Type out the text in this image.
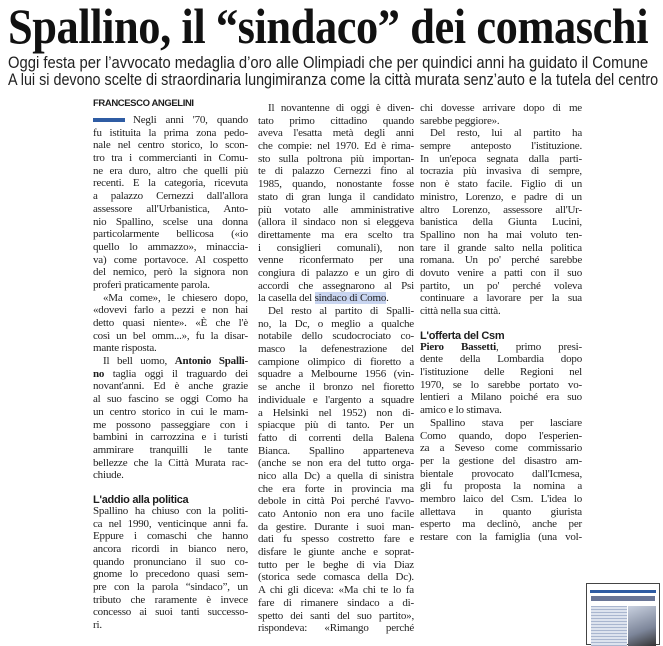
Spallino, il “sindaco” dei comaschi
Oggi festa per l’avvocato medaglia d’oro alle Olimpiadi che per quindici anni ha guidato il Comune
A lui si devono scelte di straordinaria lungimiranza come la città murata senz’auto e la tutela del centro
FRANCESCO ANGELINI
Negli anni '70, quando
fu istituita la prima zona pedo-
nale nel centro storico, lo scon-
tro tra i commercianti in Comu-
ne era duro, altro che quelli più
recenti. E la categoria, ricevuta
a palazzo Cernezzi dall'allora
assessore all'Urbanistica, Anto-
nio Spallino, scelse una donna
particolarmente bellicosa («io
quello lo ammazzo», minaccia-
va) come portavoce. Al cospetto
del nemico, però la signora non
proferì praticamente parola.
«Ma come», le chiesero dopo,
«dovevi farlo a pezzi e non hai
detto quasi niente». «È che l'è
così un bel omm...», fu la disar-
mante risposta.
Il bell uomo, Antonio Spalli-
no taglia oggi il traguardo dei
novant'anni. Ed è anche grazie
al suo fascino se oggi Como ha
un centro storico in cui le mam-
me possono passeggiare con i
bambini in carrozzina e i turisti
ammirare tranquilli le tante
bellezze che la Città Murata rac-
chiude.
L'addio alla politica
Spallino ha chiuso con la politi-
ca nel 1990, venticinque anni fa.
Eppure i comaschi che hanno
ancora ricordi in bianco nero,
quando pronunciano il suo co-
gnome lo precedono quasi sem-
pre con la parola “sindaco”, un
tributo che raramente è invece
concesso ai suoi tanti successo-
ri.
Il novantenne di oggi è diven-
tato primo cittadino quando
aveva l'esatta metà degli anni
che compie: nel 1970. Ed è rima-
sto sulla poltrona più importan-
te di palazzo Cernezzi fino al
1985, quando, nonostante fosse
stato di gran lunga il candidato
più votato alle amministrative
(allora il sindaco non si eleggeva
direttamente ma era scelto tra
i consiglieri comunali), non
venne riconfermato per una
congiura di palazzo e un giro di
accordi che assegnarono al Psi
la casella del sindaco di Como.
Del resto al partito di Spalli-
no, la Dc, o meglio a qualche
notabile dello scudocrociato co-
masco la defenestrazione del
campione olimpico di fioretto a
squadre a Melbourne 1956 (vin-
se anche il bronzo nel fioretto
individuale e l'argento a squadre
a Helsinki nel 1952) non di-
spiacque più di tanto. Per un
fatto di correnti della Balena
Bianca. Spallino apparteneva
(anche se non era del tutto orga-
nico alla Dc) a quella di sinistra
che era forte in provincia ma
debole in città Poi perché l'avvo-
cato Antonio non era uno facile
da gestire. Durante i suoi man-
dati fu spesso costretto fare e
disfare le giunte anche e soprat-
tutto per le beghe di via Diaz
(storica sede comasca della Dc).
A chi gli diceva: «Ma chi te lo fa
fare di rimanere sindaco a di-
spetto dei santi del suo partito»,
rispondeva: «Rimango perché
chi dovesse arrivare dopo di me
sarebbe peggiore».
Del resto, lui al partito ha
sempre anteposto l'istituzione.
In un'epoca segnata dalla parti-
tocrazia più invasiva di sempre,
non è stato facile. Figlio di un
ministro, Lorenzo, e padre di un
altro Lorenzo, assessore all'Ur-
banistica della Giunta Lucini,
Spallino non ha mai voluto ten-
tare il grande salto nella politica
romana. Un po' perché sarebbe
dovuto venire a patti con il suo
partito, un po' perché voleva
continuare a lavorare per la sua
città nella sua città.
L'offerta del Csm
Piero Bassetti, primo presi-
dente della Lombardia dopo
l'istituzione delle Regioni nel
1970, se lo sarebbe portato vo-
lentieri a Milano poiché era suo
amico e lo stimava.
Spallino stava per lasciare
Como quando, dopo l'esperien-
za a Seveso come commissario
per la gestione del disastro am-
bientale provocato dall'Icmesa,
gli fu proposta la nomina a
membro laico del Csm. L'idea lo
allettava in quanto giurista
esperto ma declinò, anche per
restare con la famiglia (una vol-
